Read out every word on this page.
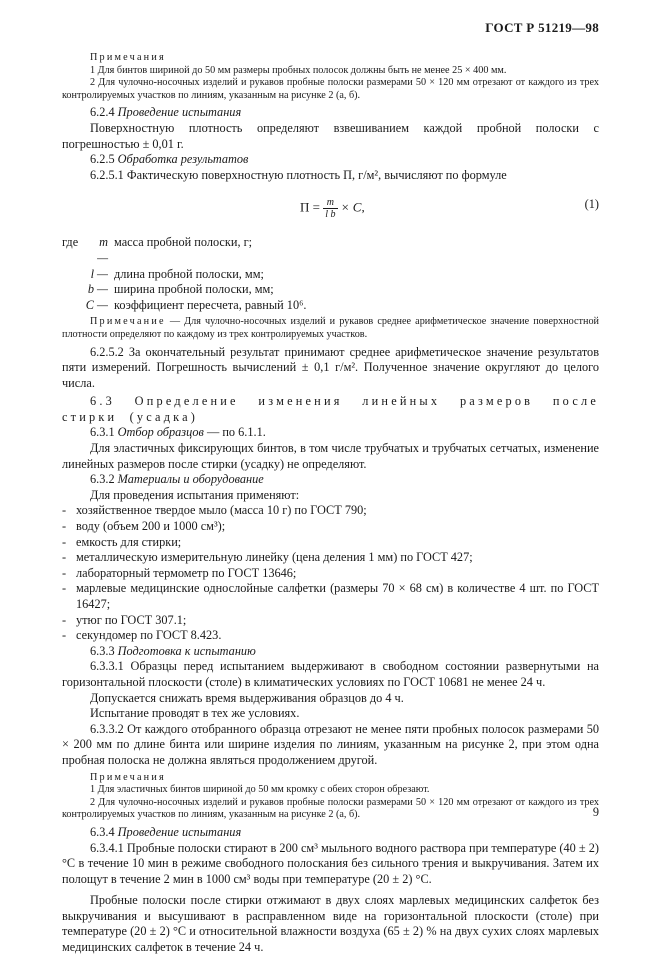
ГОСТ Р 51219—98

Примечания

1 Для бинтов шириной до 50 мм размеры пробных полосок должны быть не менее 25 × 400 мм.

2 Для чулочно-носочных изделий и рукавов пробные полоски размерами 50 × 120 мм отрезают от каждого из трех контролируемых участков по линиям, указанным на рисунке 2 (а, б).

6.2.4 Проведение испытания

Поверхностную плотность определяют взвешиванием каждой пробной полоски с погрешностью ± 0,01 г.

6.2.5 Обработка результатов

6.2.5.1 Фактическую поверхностную плотность П, г/м², вычисляют по формуле

$П = \frac{m}{\text{l b}} \times C$,	(1)
где	m —
масса пробной полоски, г;
l — длина пробной полоски, мм;
b — ширина пробной полоски, мм;
C — коэффициент пересчета, равный 10⁶.

Примечание — Для чулочно-носочных изделий и рукавов среднее арифметическое значение поверхностной плотности определяют по каждому из трех контролируемых участков.

6.2.5.2 За окончательный результат принимают среднее арифметическое значение результатов пяти измерений. Погрешность вычислений ± 0,1 г/м². Полученное значение округляют до целого числа.

6.3 Определение изменения линейных размеров после стирки (усадка)

6.3.1 Отбор образцов — по 6.1.1.

Для эластичных фиксирующих бинтов, в том числе трубчатых и трубчатых сетчатых, изменение линейных размеров после стирки (усадку) не определяют.

6.3.2 Материалы и оборудование

Для проведения испытания применяют:

- хозяйственное твердое мыло (масса 10 г) по ГОСТ 790;
- воду (объем 200 и 1000 см³);
- емкость для стирки;
- металлическую измерительную линейку (цена деления 1 мм) по ГОСТ 427;
- лабораторный термометр по ГОСТ 13646;
- марлевые медицинские однослойные салфетки (размеры 70 × 68 см) в количестве 4 шт. по ГОСТ 16427;
- утюг по ГОСТ 307.1;
- секундомер по ГОСТ 8.423.

6.3.3 Подготовка к испытанию

6.3.3.1 Образцы перед испытанием выдерживают в свободном состоянии развернутыми на горизонтальной плоскости (столе) в климатических условиях по ГОСТ 10681 не менее 24 ч.

Допускается снижать время выдерживания образцов до 4 ч.

Испытание проводят в тех же условиях.

6.3.3.2 От каждого отобранного образца отрезают не менее пяти пробных полосок размерами 50 × 200 мм по длине бинта или ширине изделия по линиям, указанным на рисунке 2, при этом одна пробная полоска не должна являться продолжением другой.

Примечания

1 Для эластичных бинтов шириной до 50 мм кромку с обеих сторон обрезают.

2 Для чулочно-носочных изделий и рукавов пробные полоски размерами 50 × 120 мм отрезают от каждого из трех контролируемых участков по линиям, указанным на рисунке 2 (а, б).

6.3.4 Проведение испытания

6.3.4.1 Пробные полоски стирают в 200 см³ мыльного водного раствора при температуре (40 ± 2) °С в течение 10 мин в режиме свободного полоскания без сильного трения и выкручивания. Затем их полощут в течение 2 мин в 1000 см³ воды при температуре (20 ± 2) °С.

Пробные полоски после стирки отжимают в двух слоях марлевых медицинских салфеток без выкручивания и высушивают в расправленном виде на горизонтальной плоскости (столе) при температуре (20 ± 2) °С и относительной влажности воздуха (65 ± 2) % на двух сухих слоях марлевых медицинских салфеток в течение 24 ч.

9
